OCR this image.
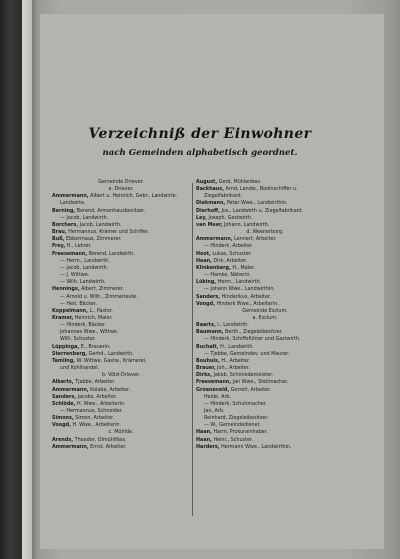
Verzeichniß der Einwohner
nach Gemeinden alphabetisch geordnet.
Gemeinde Driever.
a. Driever.
Ammermann, Albert u. Heinrich, Gebr., Landwirte.
Landwirte.
Berning, Berend, Armenhausbesitzer.
— Jacob, Landwirth.
Borchers, Jacob, Landwirth.
Brau, Hermannus, Krämer und Schiffer.
Buß, Ebbermaus, Zimmerer.
Frey, H., Lehrer.
Freesemann, Berend, Landwirth.
— Herm., Landwirth.
— Jacob, Landwirth.
— J. Wittwe.
— Wilh. Landwirth.
Hennings, Albert, Zimmerer.
— Arnold u. Wilh., Zimmerleute.
— Heit. Bäcker.
Koppelmann, L., Pastor.
Kramer, Heinrich, Maler.
— Hinderk, Bäcker.
Johannes Wwe., Wittwe.
Wilh. Schuster.
Lüppinga, E., Brauerin.
Sterrenberg, Gerhd., Landwirth.
Tamling, W. Wittwe, Gastw., Krämerei,
und Kohlhandel.
b. Völzl-Driever.
Alberts, Tjabbe, Arbeiter.
Ammermann, Kolabe, Arbeiter.
Sanders, Jacobs, Arbeiter.
Schlöde, H. Wwe., Arbeiterin.
— Hermannus, Schneider.
Simons, Simon, Arbeiter.
Voogd, H. Wwe., Arbeiterin.
c. Mühlde.
Arends, Theodor, Ölmühlfäss.
Ammermann, Ernst, Arbeiter.
August, Gerd, Mühlenbes.
Backhaus, Arnd, Landw., Bootsschiffer u.
Ziegelfabrikant.
Diekmann, Peter Wwe., Landwirthin.
Dierhoff, Jos., Landwirth u. Ziegelfabrikant.
Ley, Joseph, Gastwirth.
van Meer, Johann, Landwirth.
d. Weenerborg.
Ammermann, Lennert, Arbeiter.
— Hinderk, Arbeiter.
Hoot, Lukas, Schuster.
Haan, Dirk, Arbeiter.
Klinkenberg, H., Maler.
— Hamke, Näherin.
Lüking, Herm., Landwirth.
— Johann Wwe., Landwirthin.
Sanders, Hinderikus, Arbeiter.
Voogd, Hinderk Wwe., Arbeiterin.
Gemeinde Esclum.
a. Esclum.
Baarts, I., Landwirth.
Baumann, Berth., Ziegeleibesitzer.
— Hinderk, Schiffsführer und Gastwirth.
Buchalt, H., Landwirth.
— Tjebbe, Gemeindev. und Maurer.
Bouhuis, H., Arbeiter.
Brauer, Joh., Arbeiter.
Dirks, Jakob, Schmiedemeister.
Freesemann, Jan Wwe., Stellmacher.
Groeneveld, Gerrelt, Arbeiter.
Helde, Arb.
— Hinderk, Schuhmacher.
Jan, Arb.
Reinhard, Ziegeleibesitzer.
— W., Gemeindediener.
Haan, Harm, Prokurainhaber.
Haan, Heinr., Schuster.
Harders, Hermann Wwe., Landwirthin.
